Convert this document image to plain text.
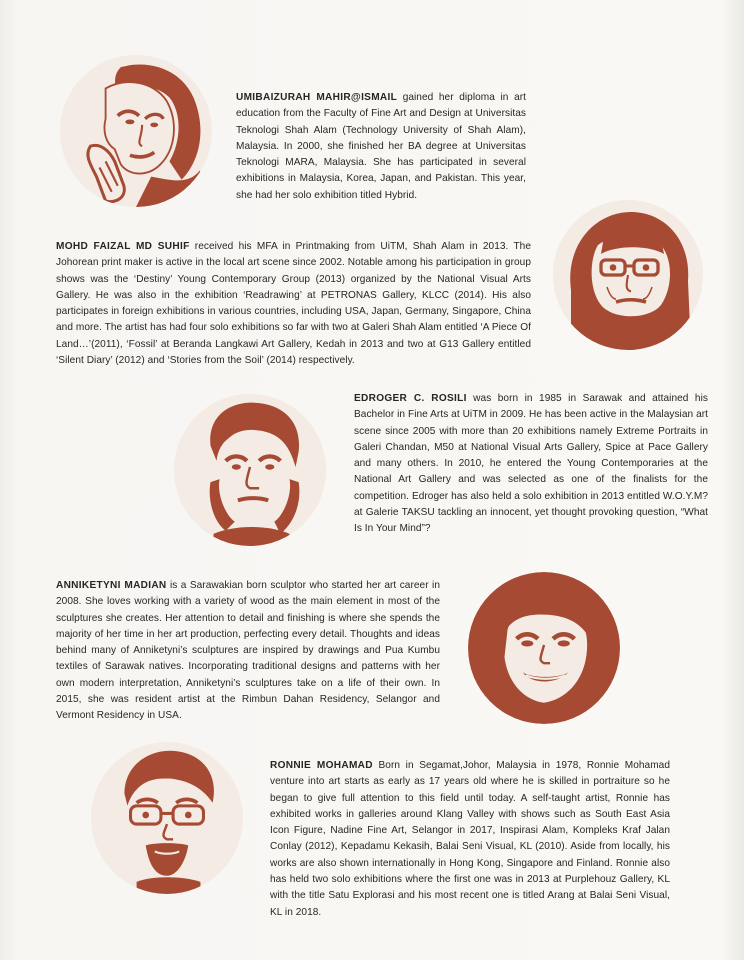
UMIBAIZURAH MAHIR@ISMAIL gained her diploma in art education from the Faculty of Fine Art and Design at Universitas Teknologi Shah Alam (Technology University of Shah Alam), Malaysia. In 2000, she finished her BA degree at Universitas Teknologi MARA, Malaysia. She has participated in several exhibitions in Malaysia, Korea, Japan, and Pakistan. This year, she had her solo exhibition titled Hybrid.
MOHD FAIZAL MD SUHIF received his MFA in Printmaking from UiTM, Shah Alam in 2013. The Johorean print maker is active in the local art scene since 2002. Notable among his participation in group shows was the ‘Destiny’ Young Contemporary Group (2013) organized by the National Visual Arts Gallery. He was also in the exhibition ‘Readrawing’ at PETRONAS Gallery, KLCC (2014). His also participates in foreign exhibitions in various countries, including USA, Japan, Germany, Singapore, China and more. The artist has had four solo exhibitions so far with two at Galeri Shah Alam entitled ‘A Piece Of Land…’(2011), ‘Fossil’ at Beranda Langkawi Art Gallery, Kedah in 2013 and two at G13 Gallery entitled ‘Silent Diary’ (2012) and ‘Stories from the Soil’ (2014) respectively.
EDROGER C. ROSILI was born in 1985 in Sarawak and attained his Bachelor in Fine Arts at UiTM in 2009. He has been active in the Malaysian art scene since 2005 with more than 20 exhibitions namely Extreme Portraits in Galeri Chandan, M50 at National Visual Arts Gallery, Spice at Pace Gallery and many others. In 2010, he entered the Young Contemporaries at the National Art Gallery and was selected as one of the finalists for the competition. Edroger has also held a solo exhibition in 2013 entitled W.O.Y.M? at Galerie TAKSU tackling an innocent, yet thought provoking question, “What Is In Your Mind”?
ANNIKETYNI MADIAN is a Sarawakian born sculptor who started her art career in 2008. She loves working with a variety of wood as the main element in most of the sculptures she creates. Her attention to detail and finishing is where she spends the majority of her time in her art production, perfecting every detail. Thoughts and ideas behind many of Anniketyni’s sculptures are inspired by drawings and Pua Kumbu textiles of Sarawak natives. Incorporating traditional designs and patterns with her own modern interpretation, Anniketyni’s sculptures take on a life of their own. In 2015, she was resident artist at the Rimbun Dahan Residency, Selangor and Vermont Residency in USA.
RONNIE MOHAMAD Born in Segamat,Johor, Malaysia in 1978, Ronnie Mohamad venture into art starts as early as 17 years old where he is skilled in portraiture so he began to give full attention to this field until today. A self-taught artist, Ronnie has exhibited works in galleries around Klang Valley with shows such as South East Asia Icon Figure, Nadine Fine Art, Selangor in 2017, Inspirasi Alam, Kompleks Kraf Jalan Conlay (2012), Kepadamu Kekasih, Balai Seni Visual, KL (2010). Aside from locally, his works are also shown internationally in Hong Kong, Singapore and Finland. Ronnie also has held two solo exhibitions where the first one was in 2013 at Purplehouz Gallery, KL with the title Satu Explorasi and his most recent one is titled Arang at Balai Seni Visual, KL in 2018.
